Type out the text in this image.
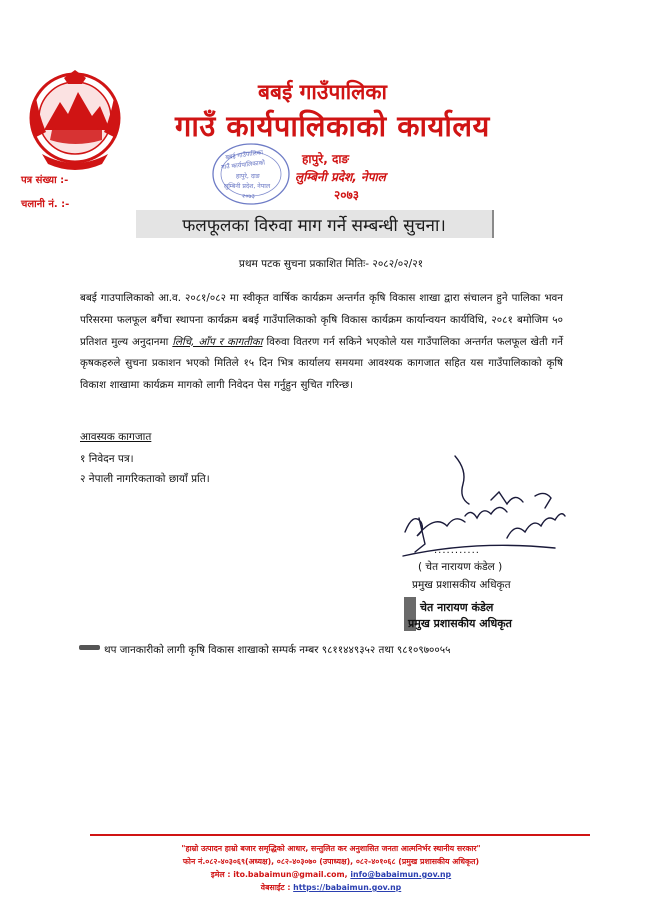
बबई गाउँपालिका
गाउँ कार्यपालिकाको
हापुरे, दाङ
लुम्बिनी प्रदेश, नेपाल
२०७३
बबई गाउँपालिका
गाउँ कार्यपालिकाको कार्यालय
हापुरे, दाङ
लुम्बिनी प्रदेश, नेपाल
२०७३
पत्र संख्या :-
चलानी नं. :-
फलफूलका विरुवा माग गर्ने सम्बन्धी सुचना।
प्रथम पटक सुचना प्रकाशित मितिः- २०८२/०२/२१
बबई गाउपालिकाको आ.व. २०८१/०८२ मा स्वीकृत वार्षिक कार्यक्रम अन्तर्गत कृषि विकास शाखा द्वारा संचालन हुने पालिका भवन परिसरमा फलफूल बगैंचा स्थापना कार्यक्रम बबई गाउँपालिकाको कृषि विकास कार्यक्रम कार्यान्वयन कार्यविधि, २०८१ बमोजिम ५० प्रतिशत मुल्य अनुदानमा लिचि, आँप र कागतीका विरुवा वितरण गर्न सकिने भएकोले यस गाउँपालिका अन्तर्गत फलफूल खेती गर्ने कृषकहरुले सुचना प्रकाशन भएको मितिले १५ दिन भित्र कार्यालय समयमा आवश्यक कागजात सहित यस गाउँपालिकाको कृषि विकाश शाखामा कार्यक्रम मागको लागी निवेदन पेस गर्नुहुन सुचित गरिन्छ।
आवस्यक कागजात
१ निवेदन पत्र।
२ नेपाली नागरिकताको छायाँ प्रति।
...........
( चेत नारायण कंडेल )
प्रमुख प्रशासकीय अधिकृत
चेत नारायण कंडेल
प्रमुख प्रशासकीय अधिकृत
थप जानकारीको लागी कृषि विकास शाखाको सम्पर्क नम्बर ९८११४४९३५२ तथा ९८१०९७००५५
"हाम्रो उत्पादन हाम्रो बजार समृद्धिको आधार, सन्तुलित कर अनुशासित जनता आत्मनिर्भर स्थानीय सरकार"
फोन नं.०८२-४०३०६९(अध्यक्ष), ०८२-४०३०७० (उपाध्यक्ष), ०८२-४०१०६८ (प्रमुख प्रशासकीय अधिकृत)
इमेल : ito.babaimun@gmail.com, info@babaimun.gov.np
वेबसाईट : https://babaimun.gov.np
